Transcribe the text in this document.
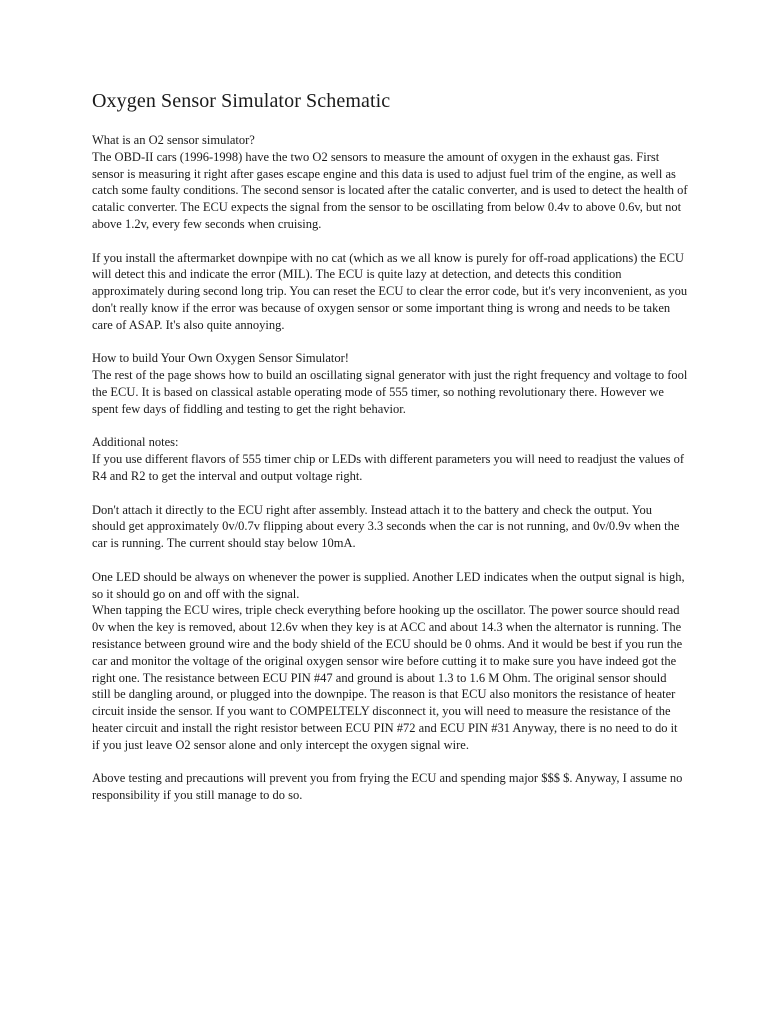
Oxygen Sensor Simulator Schematic

What is an O2 sensor simulator?

The OBD-II cars (1996-1998) have the two O2 sensors to measure the amount of oxygen in the exhaust gas. First sensor is measuring it right after gases escape engine and this data is used to adjust fuel trim of the engine, as well as catch some faulty conditions. The second sensor is located after the catalic converter, and is used to detect the health of catalic converter. The ECU expects the signal from the sensor to be oscillating from below 0.4v to above 0.6v, but not above 1.2v, every few seconds when cruising.

If you install the aftermarket downpipe with no cat (which as we all know is purely for off-road applications) the ECU will detect this and indicate the error (MIL). The ECU is quite lazy at detection, and detects this condition approximately during second long trip. You can reset the ECU to clear the error code, but it's very inconvenient, as you don't really know if the error was because of oxygen sensor or some important thing is wrong and needs to be taken care of ASAP. It's also quite annoying.

How to build Your Own Oxygen Sensor Simulator!

The rest of the page shows how to build an oscillating signal generator with just the right frequency and voltage to fool the ECU. It is based on classical astable operating mode of 555 timer, so nothing revolutionary there. However we spent few days of fiddling and testing to get the right behavior.

Additional notes:

If you use different flavors of 555 timer chip or LEDs with different parameters you will need to readjust the values of R4 and R2 to get the interval and output voltage right.

Don't attach it directly to the ECU right after assembly. Instead attach it to the battery and check the output. You should get approximately 0v/0.7v flipping about every 3.3 seconds when the car is not running, and 0v/0.9v when the car is running. The current should stay below 10mA.

One LED should be always on whenever the power is supplied. Another LED indicates when the output signal is high, so it should go on and off with the signal.

When tapping the ECU wires, triple check everything before hooking up the oscillator. The power source should read 0v when the key is removed, about 12.6v when they key is at ACC and about 14.3 when the alternator is running. The resistance between ground wire and the body shield of the ECU should be 0 ohms. And it would be best if you run the car and monitor the voltage of the original oxygen sensor wire before cutting it to make sure you have indeed got the right one. The resistance between ECU PIN #47 and ground is about 1.3 to 1.6 M Ohm. The original sensor should still be dangling around, or plugged into the downpipe. The reason is that ECU also monitors the resistance of heater circuit inside the sensor. If you want to COMPELTELY disconnect it, you will need to measure the resistance of the heater circuit and install the right resistor between ECU PIN #72 and ECU PIN #31 Anyway, there is no need to do it if you just leave O2 sensor alone and only intercept the oxygen signal wire.

Above testing and precautions will prevent you from frying the ECU and spending major $$$ $. Anyway, I assume no responsibility if you still manage to do so.
